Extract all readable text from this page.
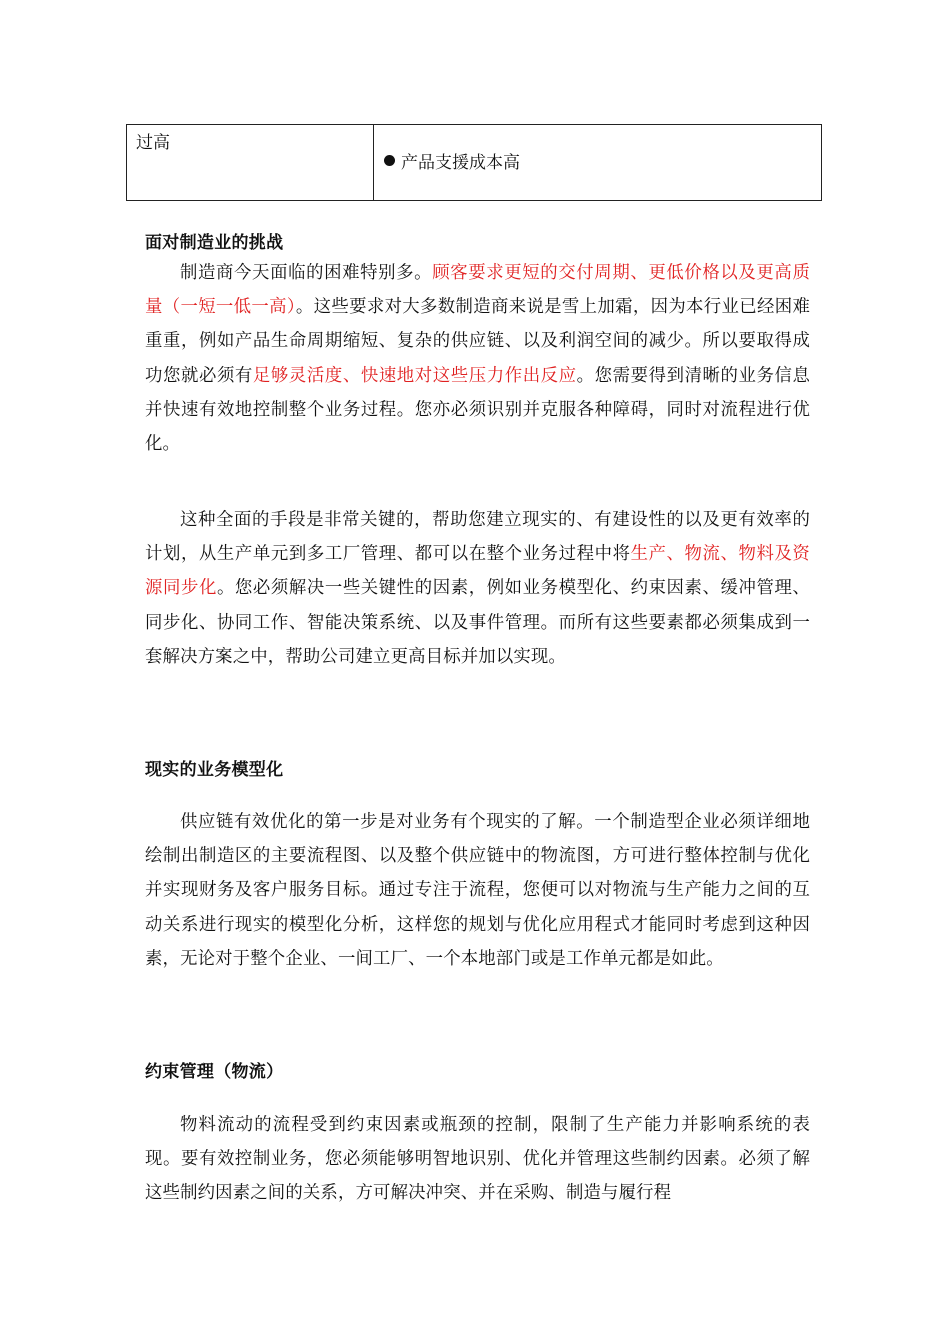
过高
产品支援成本高
面对制造业的挑战
制造商今天面临的困难特别多。顾客要求更短的交付周期、更低价格以及更高质量（一短一低一高）。这些要求对大多数制造商来说是雪上加霜，因为本行业已经困难重重，例如产品生命周期缩短、复杂的供应链、以及利润空间的减少。所以要取得成功您就必须有足够灵活度、快速地对这些压力作出反应。您需要得到清晰的业务信息并快速有效地控制整个业务过程。您亦必须识别并克服各种障碍，同时对流程进行优化。
这种全面的手段是非常关键的，帮助您建立现实的、有建设性的以及更有效率的计划，从生产单元到多工厂管理、都可以在整个业务过程中将生产、物流、物料及资源同步化。您必须解决一些关键性的因素，例如业务模型化、约束因素、缓冲管理、同步化、协同工作、智能决策系统、以及事件管理。而所有这些要素都必须集成到一套解决方案之中，帮助公司建立更高目标并加以实现。
现实的业务模型化
供应链有效优化的第一步是对业务有个现实的了解。一个制造型企业必须详细地绘制出制造区的主要流程图、以及整个供应链中的物流图，方可进行整体控制与优化并实现财务及客户服务目标。通过专注于流程，您便可以对物流与生产能力之间的互动关系进行现实的模型化分析，这样您的规划与优化应用程式才能同时考虑到这种因素，无论对于整个企业、一间工厂、一个本地部门或是工作单元都是如此。
约束管理（物流）
物料流动的流程受到约束因素或瓶颈的控制，限制了生产能力并影响系统的表现。要有效控制业务，您必须能够明智地识别、优化并管理这些制约因素。必须了解这些制约因素之间的关系，方可解决冲突、并在采购、制造与履行程
